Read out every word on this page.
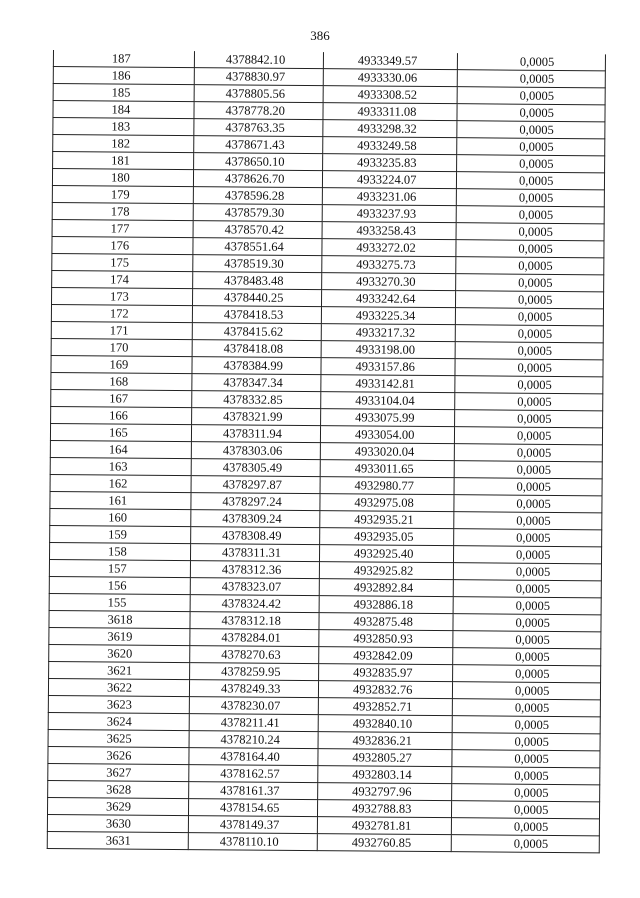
386
187	4378842.10	4933349.57	0,0005
186	4378830.97	4933330.06	0,0005
185	4378805.56	4933308.52	0,0005
184	4378778.20	4933311.08	0,0005
183	4378763.35	4933298.32	0,0005
182	4378671.43	4933249.58	0,0005
181	4378650.10	4933235.83	0,0005
180	4378626.70	4933224.07	0,0005
179	4378596.28	4933231.06	0,0005
178	4378579.30	4933237.93	0,0005
177	4378570.42	4933258.43	0,0005
176	4378551.64	4933272.02	0,0005
175	4378519.30	4933275.73	0,0005
174	4378483.48	4933270.30	0,0005
173	4378440.25	4933242.64	0,0005
172	4378418.53	4933225.34	0,0005
171	4378415.62	4933217.32	0,0005
170	4378418.08	4933198.00	0,0005
169	4378384.99	4933157.86	0,0005
168	4378347.34	4933142.81	0,0005
167	4378332.85	4933104.04	0,0005
166	4378321.99	4933075.99	0,0005
165	4378311.94	4933054.00	0,0005
164	4378303.06	4933020.04	0,0005
163	4378305.49	4933011.65	0,0005
162	4378297.87	4932980.77	0,0005
161	4378297.24	4932975.08	0,0005
160	4378309.24	4932935.21	0,0005
159	4378308.49	4932935.05	0,0005
158	4378311.31	4932925.40	0,0005
157	4378312.36	4932925.82	0,0005
156	4378323.07	4932892.84	0,0005
155	4378324.42	4932886.18	0,0005
3618	4378312.18	4932875.48	0,0005
3619	4378284.01	4932850.93	0,0005
3620	4378270.63	4932842.09	0,0005
3621	4378259.95	4932835.97	0,0005
3622	4378249.33	4932832.76	0,0005
3623	4378230.07	4932852.71	0,0005
3624	4378211.41	4932840.10	0,0005
3625	4378210.24	4932836.21	0,0005
3626	4378164.40	4932805.27	0,0005
3627	4378162.57	4932803.14	0,0005
3628	4378161.37	4932797.96	0,0005
3629	4378154.65	4932788.83	0,0005
3630	4378149.37	4932781.81	0,0005
3631	4378110.10	4932760.85	0,0005
